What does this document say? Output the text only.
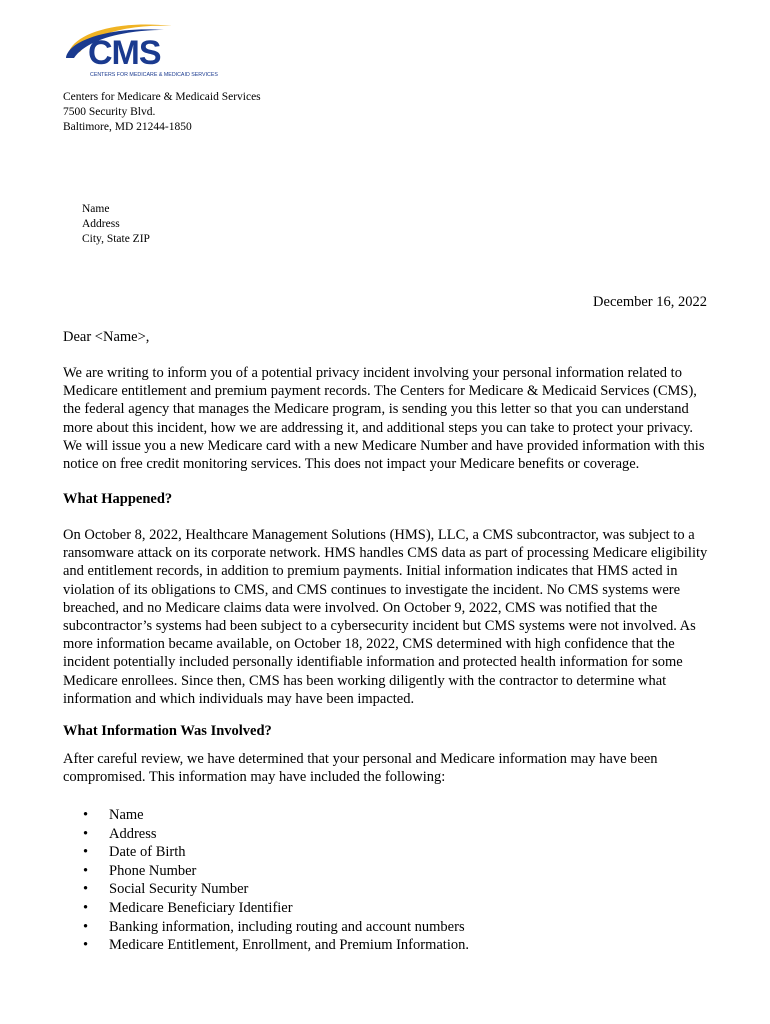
CMS
CENTERS FOR MEDICARE & MEDICAID SERVICES
Centers for Medicare & Medicaid Services
7500 Security Blvd.
Baltimore, MD 21244-1850
Name
Address
City, State ZIP
December 16, 2022

Dear <Name>,

We are writing to inform you of a potential privacy incident involving your personal information related to Medicare entitlement and premium payment records. The Centers for Medicare & Medicaid Services (CMS), the federal agency that manages the Medicare program, is sending you this letter so that you can understand more about this incident, how we are addressing it, and additional steps you can take to protect your privacy. We will issue you a new Medicare card with a new Medicare Number and have provided information with this notice on free credit monitoring services. This does not impact your Medicare benefits or coverage.

What Happened?

On October 8, 2022, Healthcare Management Solutions (HMS), LLC, a CMS subcontractor, was subject to a ransomware attack on its corporate network. HMS handles CMS data as part of processing Medicare eligibility and entitlement records, in addition to premium payments. Initial information indicates that HMS acted in violation of its obligations to CMS, and CMS continues to investigate the incident. No CMS systems were breached, and no Medicare claims data were involved. On October 9, 2022, CMS was notified that the subcontractor’s systems had been subject to a cybersecurity incident but CMS systems were not involved. As more information became available, on October 18, 2022, CMS determined with high confidence that the incident potentially included personally identifiable information and protected health information for some Medicare enrollees. Since then, CMS has been working diligently with the contractor to determine what information and which individuals may have been impacted.

What Information Was Involved?

After careful review, we have determined that your personal and Medicare information may have been compromised. This information may have included the following:

• Name
• Address
• Date of Birth
• Phone Number
• Social Security Number
• Medicare Beneficiary Identifier
• Banking information, including routing and account numbers
• Medicare Entitlement, Enrollment, and Premium Information.
